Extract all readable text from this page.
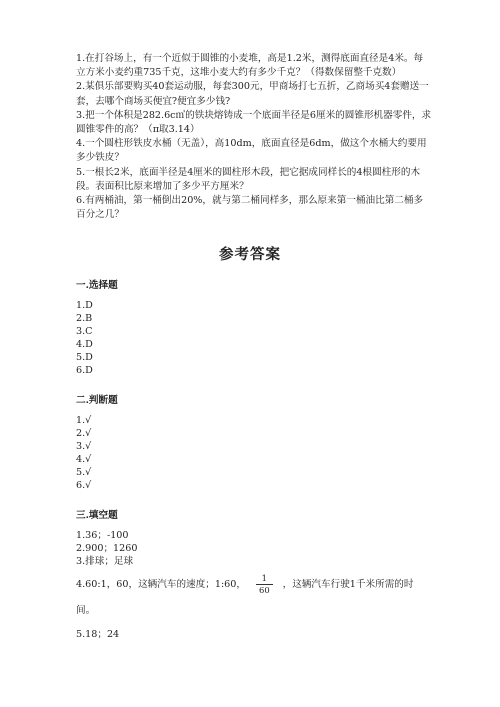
1.在打谷场上，有一个近似于圆锥的小麦堆，高是1.2米，测得底面直径是4米。每立方米小麦约重735千克，这堆小麦大约有多少千克？（得数保留整千克数）

2.某俱乐部要购买40套运动服，每套300元，甲商场打七五折，乙商场买4套赠送一套，去哪个商场买便宜?便宜多少钱?

3.把一个体积是282.6c㎥的铁块熔铸成一个底面半径是6厘米的圆锥形机器零件，求圆锥零件的高？（π取3.14）

4.一个圆柱形铁皮水桶（无盖），高10dm，底面直径是6dm，做这个水桶大约要用多少铁皮？

5.一根长2米，底面半径是4厘米的圆柱形木段，把它据成同样长的4根圆柱形的木段。表面积比原来增加了多少平方厘米？

6.有两桶油，第一桶倒出20%，就与第二桶同样多，那么原来第一桶油比第二桶多百分之几？

参考答案
一.选择题
1.D
2.B
3.C
4.D
5.D
6.D
二.判断题
1.√
2.√
3.√
4.√
5.√
6.√
三.填空题
1.36；-100
2.900；1260
3.排球；足球
4.60:1，60，这辆汽车的速度；1:60， $\frac{1}{60}$ ，这辆汽车行驶1千米所需的时间。
5.18；24
